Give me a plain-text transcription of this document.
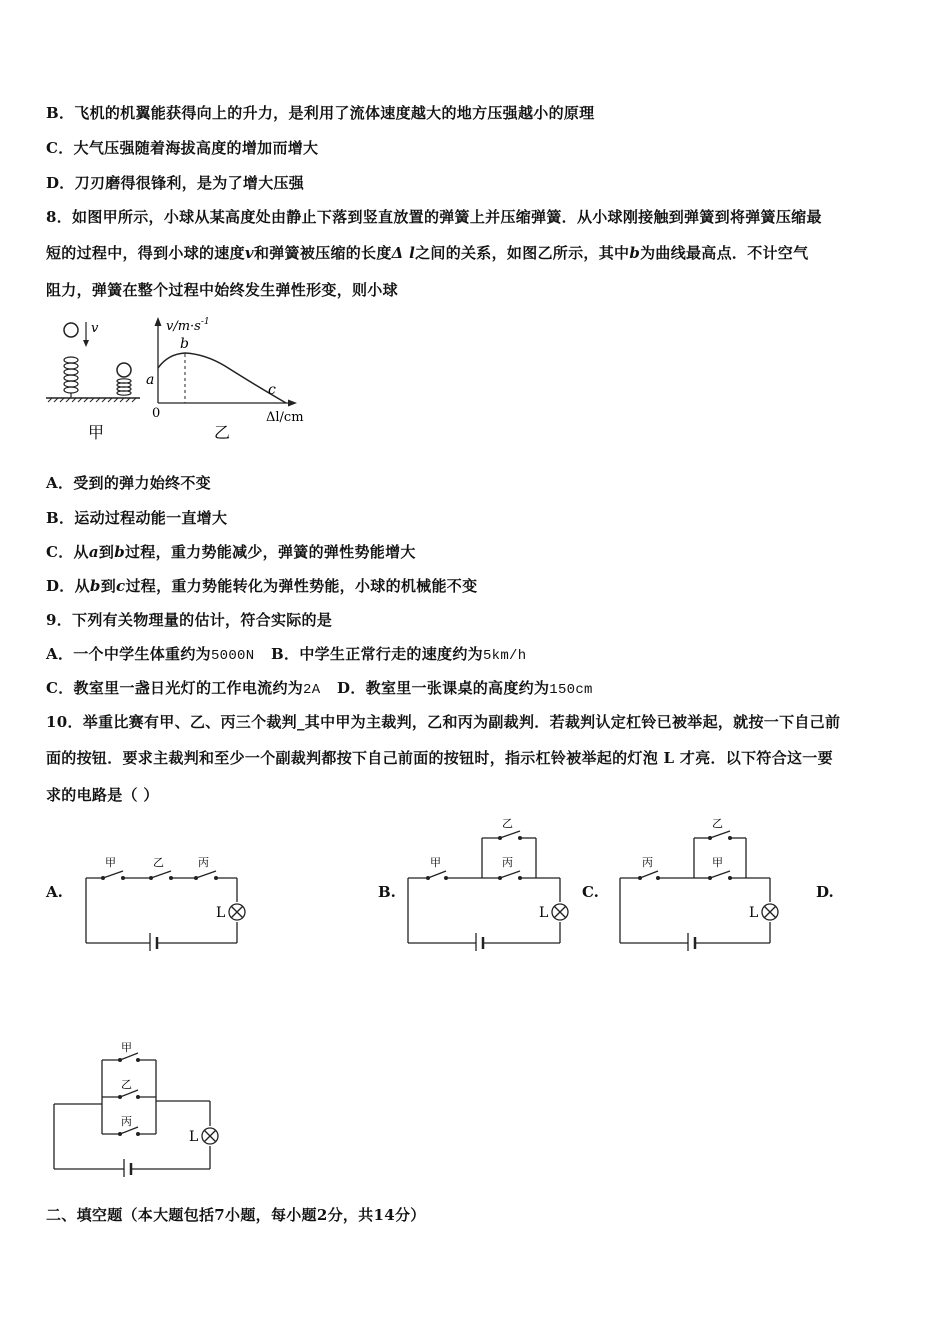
B．飞机的机翼能获得向上的升力，是利用了流体速度越大的地方压强越小的原理
C．大气压强随着海拔高度的增加而增大
D．刀刃磨得很锋利，是为了增大压强
8．如图甲所示，小球从某高度处由静止下落到竖直放置的弹簧上并压缩弹簧．从小球刚接触到弹簧到将弹簧压缩最
短的过程中，得到小球的速度v和弹簧被压缩的长度Δ l之间的关系，如图乙所示，其中b为曲线最高点．不计空气
阻力，弹簧在整个过程中始终发生弹性形变，则小球
v
甲
$v/m\cdot s^{-1}$
b
a
c
0	Δl/cm
乙
A．受到的弹力始终不变
B．运动过程动能一直增大
C．从a到b过程，重力势能减少，弹簧的弹性势能增大
D．从b到c过程，重力势能转化为弹性势能，小球的机械能不变
9．下列有关物理量的估计，符合实际的是
A．一个中学生体重约为5000N B．中学生正常行走的速度约为5km/h
C．教室里一盏日光灯的工作电流约为2A D．教室里一张课桌的高度约为150cm
10．举重比赛有甲、乙、丙三个裁判_其中甲为主裁判，乙和丙为副裁判．若裁判认定杠铃已被举起，就按一下自己前
面的按钮．要求主裁判和至少一个副裁判都按下自己前面的按钮时，指示杠铃被举起的灯泡 L 才亮．以下符合这一要
求的电路是（ ）
A.
甲	乙	丙
L
B.
甲
乙
丙
L
C.
丙
乙
甲
L
D.
甲
乙
丙
L
二、填空题（本大题包括7小题，每小题2分，共14分）
